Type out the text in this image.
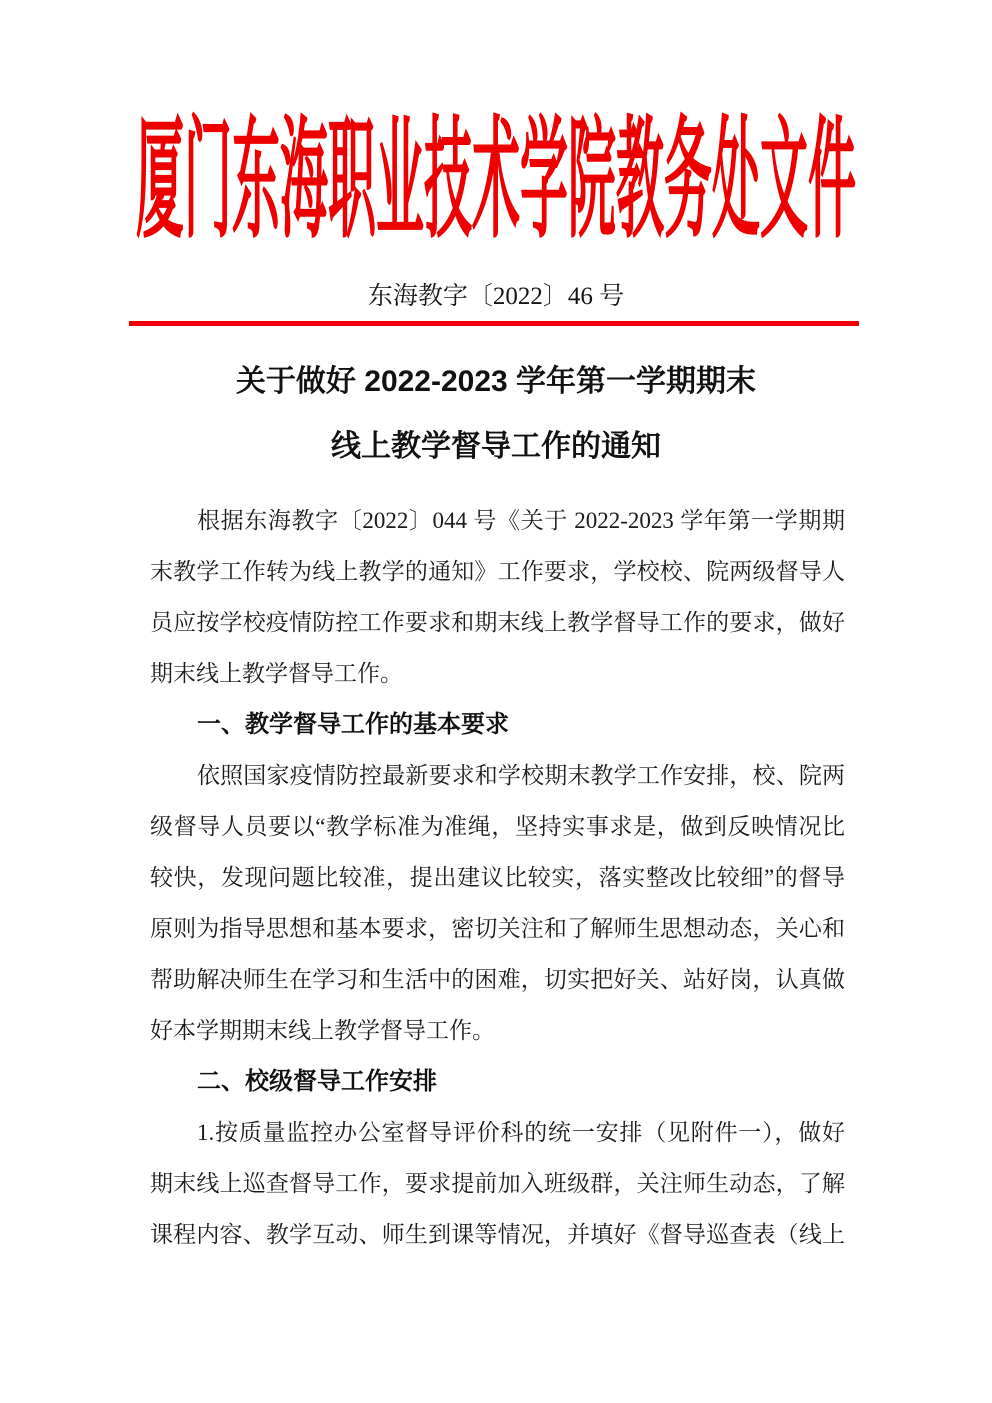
厦门东海职业技术学院教务处文件
东海教字〔2022〕46 号
关于做好 2022-2023 学年第一学期期末
线上教学督导工作的通知
根据东海教字〔2022〕044 号《关于 2022-2023 学年第一学期期
末教学工作转为线上教学的通知》工作要求，学校校、院两级督导人
员应按学校疫情防控工作要求和期末线上教学督导工作的要求，做好
期末线上教学督导工作。
一、教学督导工作的基本要求
依照国家疫情防控最新要求和学校期末教学工作安排，校、院两
级督导人员要以“教学标准为准绳，坚持实事求是，做到反映情况比
较快，发现问题比较准，提出建议比较实，落实整改比较细”的督导
原则为指导思想和基本要求，密切关注和了解师生思想动态，关心和
帮助解决师生在学习和生活中的困难，切实把好关、站好岗，认真做
好本学期期末线上教学督导工作。
二、校级督导工作安排
1.按质量监控办公室督导评价科的统一安排（见附件一），做好
期末线上巡查督导工作，要求提前加入班级群，关注师生动态，了解
课程内容、教学互动、师生到课等情况，并填好《督导巡查表（线上
